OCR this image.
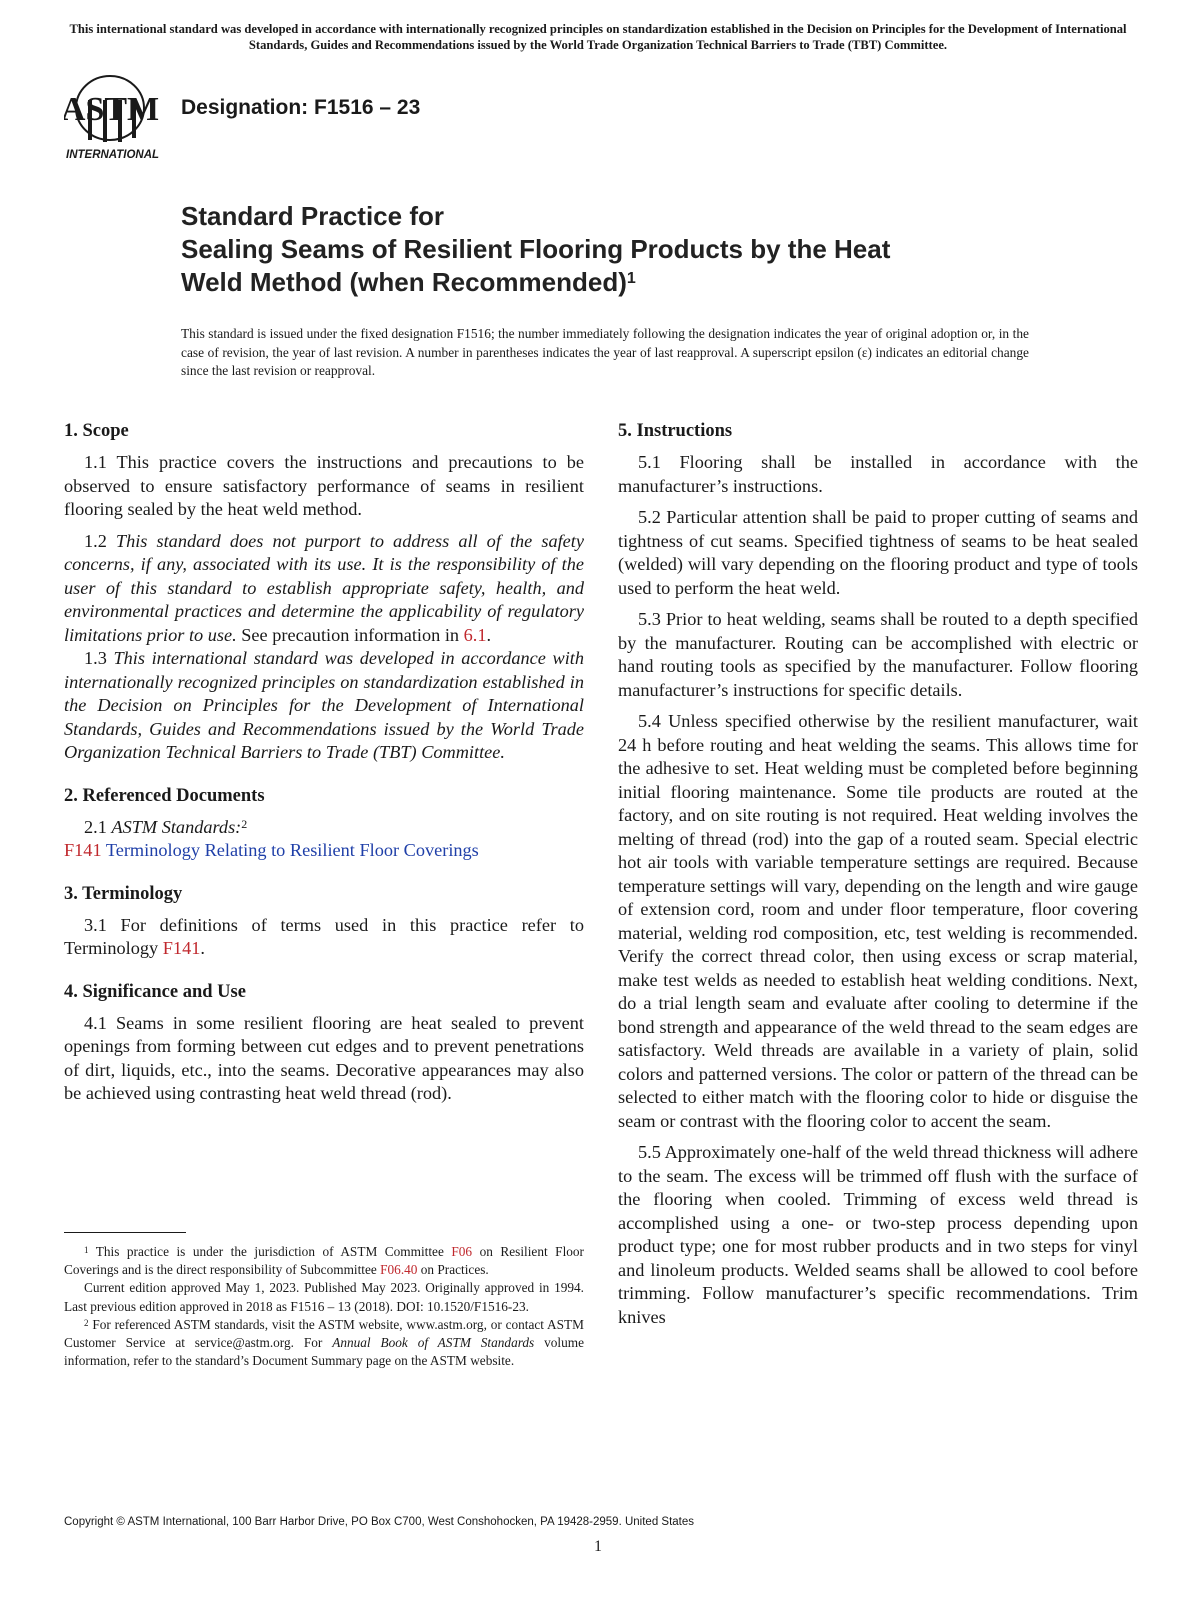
This international standard was developed in accordance with internationally recognized principles on standardization established in the Decision on Principles for the Development of International Standards, Guides and Recommendations issued by the World Trade Organization Technical Barriers to Trade (TBT) Committee.
ASTM
INTERNATIONAL
Designation: F1516 – 23
Standard Practice for
Sealing Seams of Resilient Flooring Products by the Heat
Weld Method (when Recommended)$^1$
This standard is issued under the fixed designation F1516; the number immediately following the designation indicates the year of original adoption or, in the case of revision, the year of last revision. A number in parentheses indicates the year of last reapproval. A superscript epsilon (ε) indicates an editorial change since the last revision or reapproval.
1. Scope

1.1 This practice covers the instructions and precautions to be observed to ensure satisfactory performance of seams in resilient flooring sealed by the heat weld method.

1.2 This standard does not purport to address all of the safety concerns, if any, associated with its use. It is the responsibility of the user of this standard to establish appropriate safety, health, and environmental practices and determine the applicability of regulatory limitations prior to use. See precaution information in 6.1.

1.3 This international standard was developed in accordance with internationally recognized principles on standardization established in the Decision on Principles for the Development of International Standards, Guides and Recommendations issued by the World Trade Organization Technical Barriers to Trade (TBT) Committee.

2. Referenced Documents

2.1 ASTM Standards:$^2$

F141 Terminology Relating to Resilient Floor Coverings

3. Terminology

3.1 For definitions of terms used in this practice refer to Terminology F141.

4. Significance and Use

4.1 Seams in some resilient flooring are heat sealed to prevent openings from forming between cut edges and to prevent penetrations of dirt, liquids, etc., into the seams. Decorative appearances may also be achieved using contrasting heat weld thread (rod).

5. Instructions

5.1 Flooring shall be installed in accordance with the manufacturer’s instructions.

5.2 Particular attention shall be paid to proper cutting of seams and tightness of cut seams. Specified tightness of seams to be heat sealed (welded) will vary depending on the flooring product and type of tools used to perform the heat weld.

5.3 Prior to heat welding, seams shall be routed to a depth specified by the manufacturer. Routing can be accomplished with electric or hand routing tools as specified by the manufacturer. Follow flooring manufacturer’s instructions for specific details.

5.4 Unless specified otherwise by the resilient manufacturer, wait 24 h before routing and heat welding the seams. This allows time for the adhesive to set. Heat welding must be completed before beginning initial flooring maintenance. Some tile products are routed at the factory, and on site routing is not required. Heat welding involves the melting of thread (rod) into the gap of a routed seam. Special electric hot air tools with variable temperature settings are required. Because temperature settings will vary, depending on the length and wire gauge of extension cord, room and under floor temperature, floor covering material, welding rod composition, etc, test welding is recommended. Verify the correct thread color, then using excess or scrap material, make test welds as needed to establish heat welding conditions. Next, do a trial length seam and evaluate after cooling to determine if the bond strength and appearance of the weld thread to the seam edges are satisfactory. Weld threads are available in a variety of plain, solid colors and patterned versions. The color or pattern of the thread can be selected to either match with the flooring color to hide or disguise the seam or contrast with the flooring color to accent the seam.

5.5 Approximately one-half of the weld thread thickness will adhere to the seam. The excess will be trimmed off flush with the surface of the flooring when cooled. Trimming of excess weld thread is accomplished using a one- or two-step process depending upon product type; one for most rubber products and in two steps for vinyl and linoleum products. Welded seams shall be allowed to cool before trimming. Follow manufacturer’s specific recommendations. Trim knives

$^1$ This practice is under the jurisdiction of ASTM Committee F06 on Resilient Floor Coverings and is the direct responsibility of Subcommittee F06.40 on Practices.

Current edition approved May 1, 2023. Published May 2023. Originally approved in 1994. Last previous edition approved in 2018 as F1516 – 13 (2018). DOI: 10.1520/F1516-23.

$^2$ For referenced ASTM standards, visit the ASTM website, www.astm.org, or contact ASTM Customer Service at service@astm.org. For Annual Book of ASTM Standards volume information, refer to the standard’s Document Summary page on the ASTM website.

Copyright © ASTM International, 100 Barr Harbor Drive, PO Box C700, West Conshohocken, PA 19428-2959. United States
1
